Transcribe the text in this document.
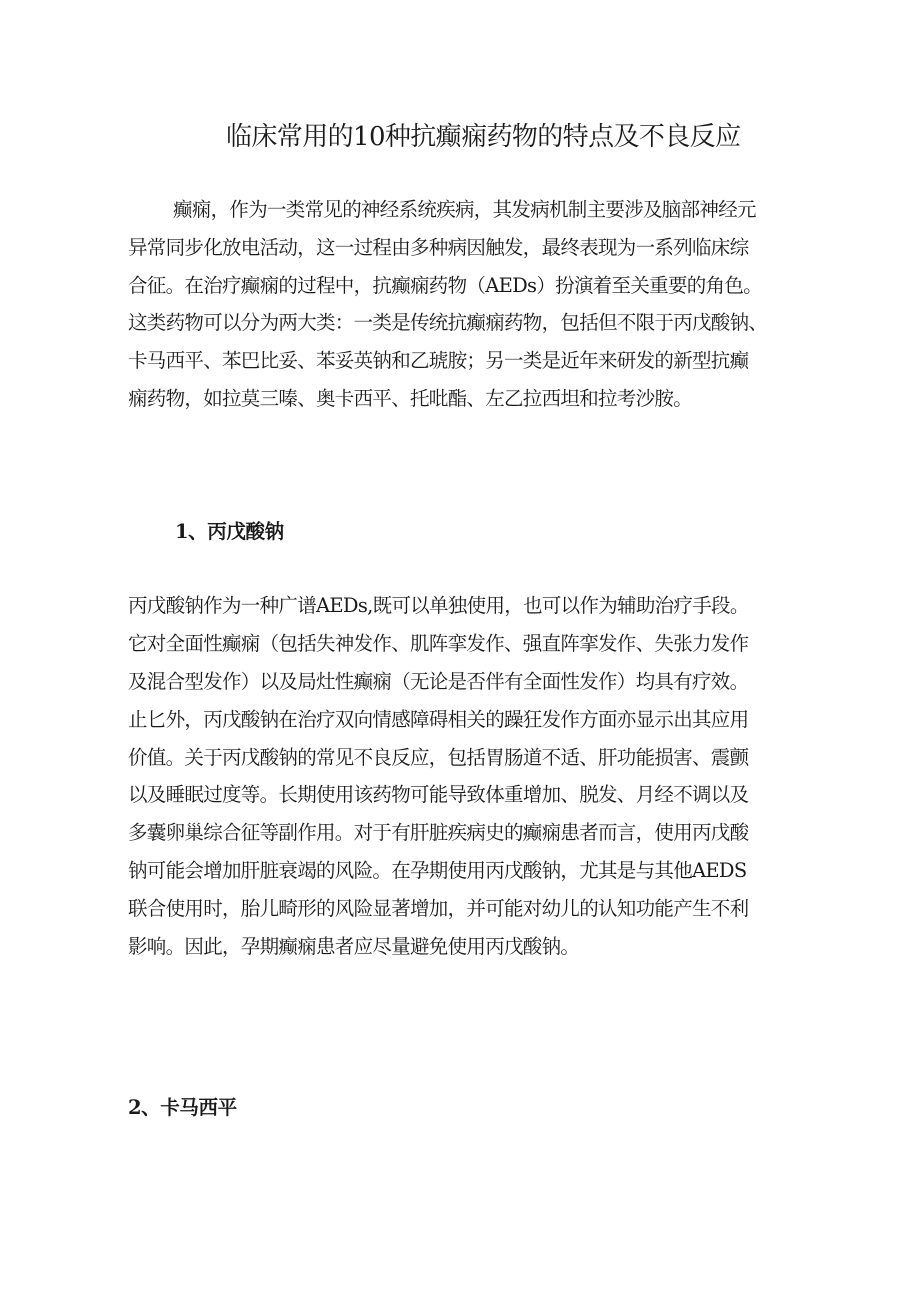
临床常用的10种抗癫痫药物的特点及不良反应
癫痫，作为一类常见的神经系统疾病，其发病机制主要涉及脑部神经元
异常同步化放电活动，这一过程由多种病因触发，最终表现为一系列临床综
合征。在治疗癫痫的过程中，抗癫痫药物（AEDs）扮演着至关重要的角色。
这类药物可以分为两大类：一类是传统抗癫痫药物，包括但不限于丙戊酸钠、
卡马西平、苯巴比妥、苯妥英钠和乙琥胺；另一类是近年来研发的新型抗癫
痫药物，如拉莫三嗪、奥卡西平、托吡酯、左乙拉西坦和拉考沙胺。
1、丙戊酸钠
丙戊酸钠作为一种广谱AEDs,既可以单独使用，也可以作为辅助治疗手段。
它对全面性癫痫（包括失神发作、肌阵挛发作、强直阵挛发作、失张力发作
及混合型发作）以及局灶性癫痫（无论是否伴有全面性发作）均具有疗效。
止匕外，丙戊酸钠在治疗双向情感障碍相关的躁狂发作方面亦显示出其应用
价值。关于丙戊酸钠的常见不良反应，包括胃肠道不适、肝功能损害、震颤
以及睡眠过度等。长期使用该药物可能导致体重增加、脱发、月经不调以及
多囊卵巢综合征等副作用。对于有肝脏疾病史的癫痫患者而言，使用丙戊酸
钠可能会增加肝脏衰竭的风险。在孕期使用丙戊酸钠，尤其是与其他AEDS
联合使用时，胎儿畸形的风险显著增加，并可能对幼儿的认知功能产生不利
影响。因此，孕期癫痫患者应尽量避免使用丙戊酸钠。
2、卡马西平
